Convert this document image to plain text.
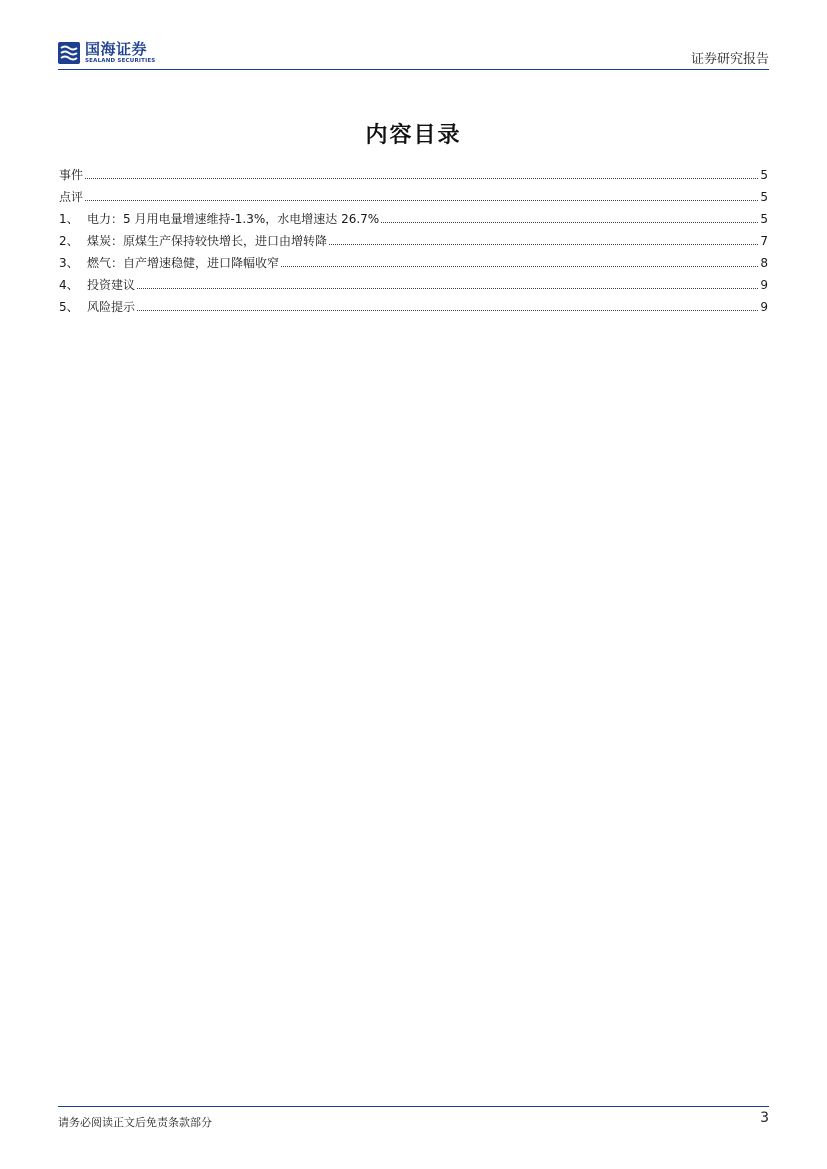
国海证券
SEALAND SECURITIES	证券研究报告
内容目录
事件	5
点评	5
1、 电力：5 月用电量增速维持-1.3%，水电增速达 26.7%	5
2、 煤炭：原煤生产保持较快增长，进口由增转降	7
3、 燃气：自产增速稳健，进口降幅收窄	8
4、 投资建议	9
5、 风险提示	9
请务必阅读正文后免责条款部分	3
